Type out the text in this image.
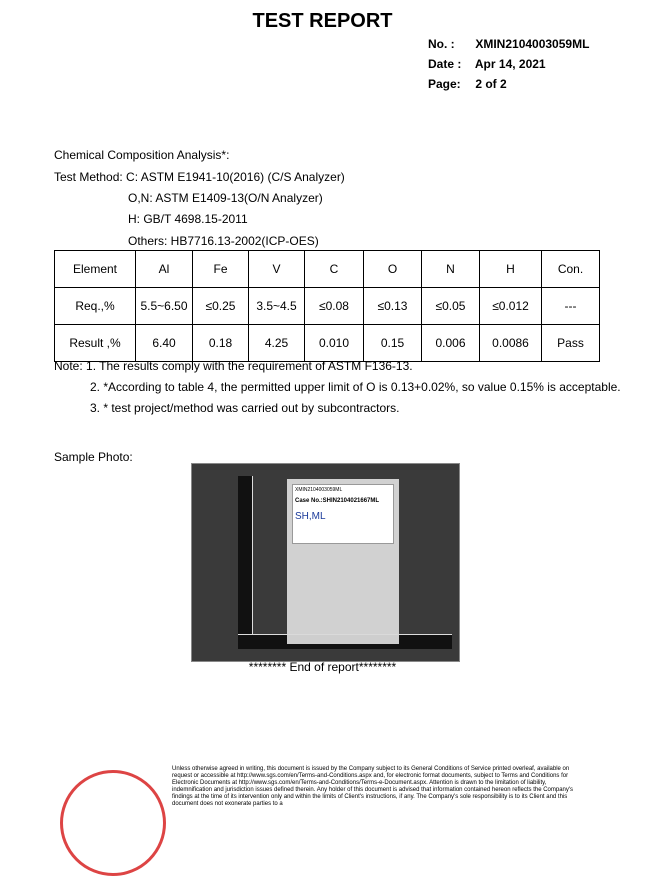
TEST REPORT
No. : XMIN2104003059ML
Date : Apr 14, 2021
Page: 2 of 2
Chemical Composition Analysis*:
Test Method: C: ASTM E1941-10(2016) (C/S Analyzer)
O,N: ASTM E1409-13(O/N Analyzer)
H: GB/T 4698.15-2011
Others: HB7716.13-2002(ICP-OES)
Element	Al	Fe	V	C	O	N	H	Con.
Req.,%	5.5~6.50	≤0.25	3.5~4.5	≤0.08	≤0.13	≤0.05	≤0.012	---
Result ,%	6.40	0.18	4.25	0.010	0.15	0.006	0.0086	Pass
Note: 1. The results comply with the requirement of ASTM F136-13.
2. *According to table 4, the permitted upper limit of O is 0.13+0.02%, so value 0.15% is acceptable.
3. * test project/method was carried out by subcontractors.
Sample Photo:
XMIN2104003059ML
Case No.:SHIN2104021667ML
SH,ML
******** End of report********
Unless otherwise agreed in writing, this document is issued by the Company subject to its General Conditions of Service printed overleaf, available on request or accessible at http://www.sgs.com/en/Terms-and-Conditions.aspx and, for electronic format documents, subject to Terms and Conditions for Electronic Documents at http://www.sgs.com/en/Terms-and-Conditions/Terms-e-Document.aspx. Attention is drawn to the limitation of liability, indemnification and jurisdiction issues defined therein. Any holder of this document is advised that information contained hereon reflects the Company's findings at the time of its intervention only and within the limits of Client's instructions, if any. The Company's sole responsibility is to its Client and this document does not exonerate parties to a
